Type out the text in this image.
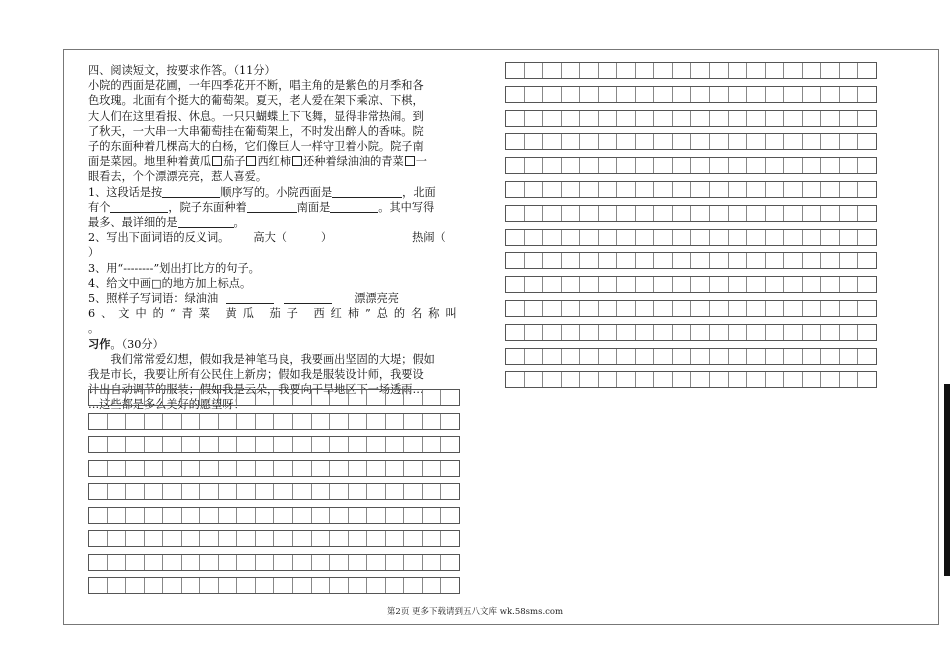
四、阅读短文，按要求作答。（11分）

小院的西面是花圃，一年四季花开不断，唱主角的是紫色的月季和各

色玫瑰。北面有个挺大的葡萄架。夏天，老人爱在架下乘凉、下棋，

大人们在这里看报、休息。一只只蝴蝶上下飞舞，显得非常热闹。到

了秋天，一大串一大串葡萄挂在葡萄架上，不时发出醉人的香味。院

子的东面种着几棵高大的白杨，它们像巨人一样守卫着小院。院子南

面是菜园。地里种着黄瓜 茄子 西红柿 还种着绿油油的青菜 一

眼看去，个个漂漂亮亮，惹人喜爱。

1、这段话是按	顺序写的。小院西面是	，北面

有个	，院子东面种着	南面是	。其中写得

最多、最详细的是	。

2、写出下面词语的反义词。 高大（	）	热闹（

）

3、用“--------”划出打比方的句子。

4、给文中画□的地方加上标点。

5、照样子写词语：绿油油	漂漂亮亮

6、文中的“青菜 黄瓜 茄子 西红柿”总的名称叫

。

习作。（30分）

我们常常爱幻想，假如我是神笔马良，我要画出坚固的大堤；假如

我是市长，我要让所有公民住上新房；假如我是服装设计师，我要设

计出自动调节的服装；假如我是云朵，我要向干旱地区下一场透雨…

…这些都是多么美好的愿望呀！

第2页 更多下载请到五八文库 wk.58sms.com
